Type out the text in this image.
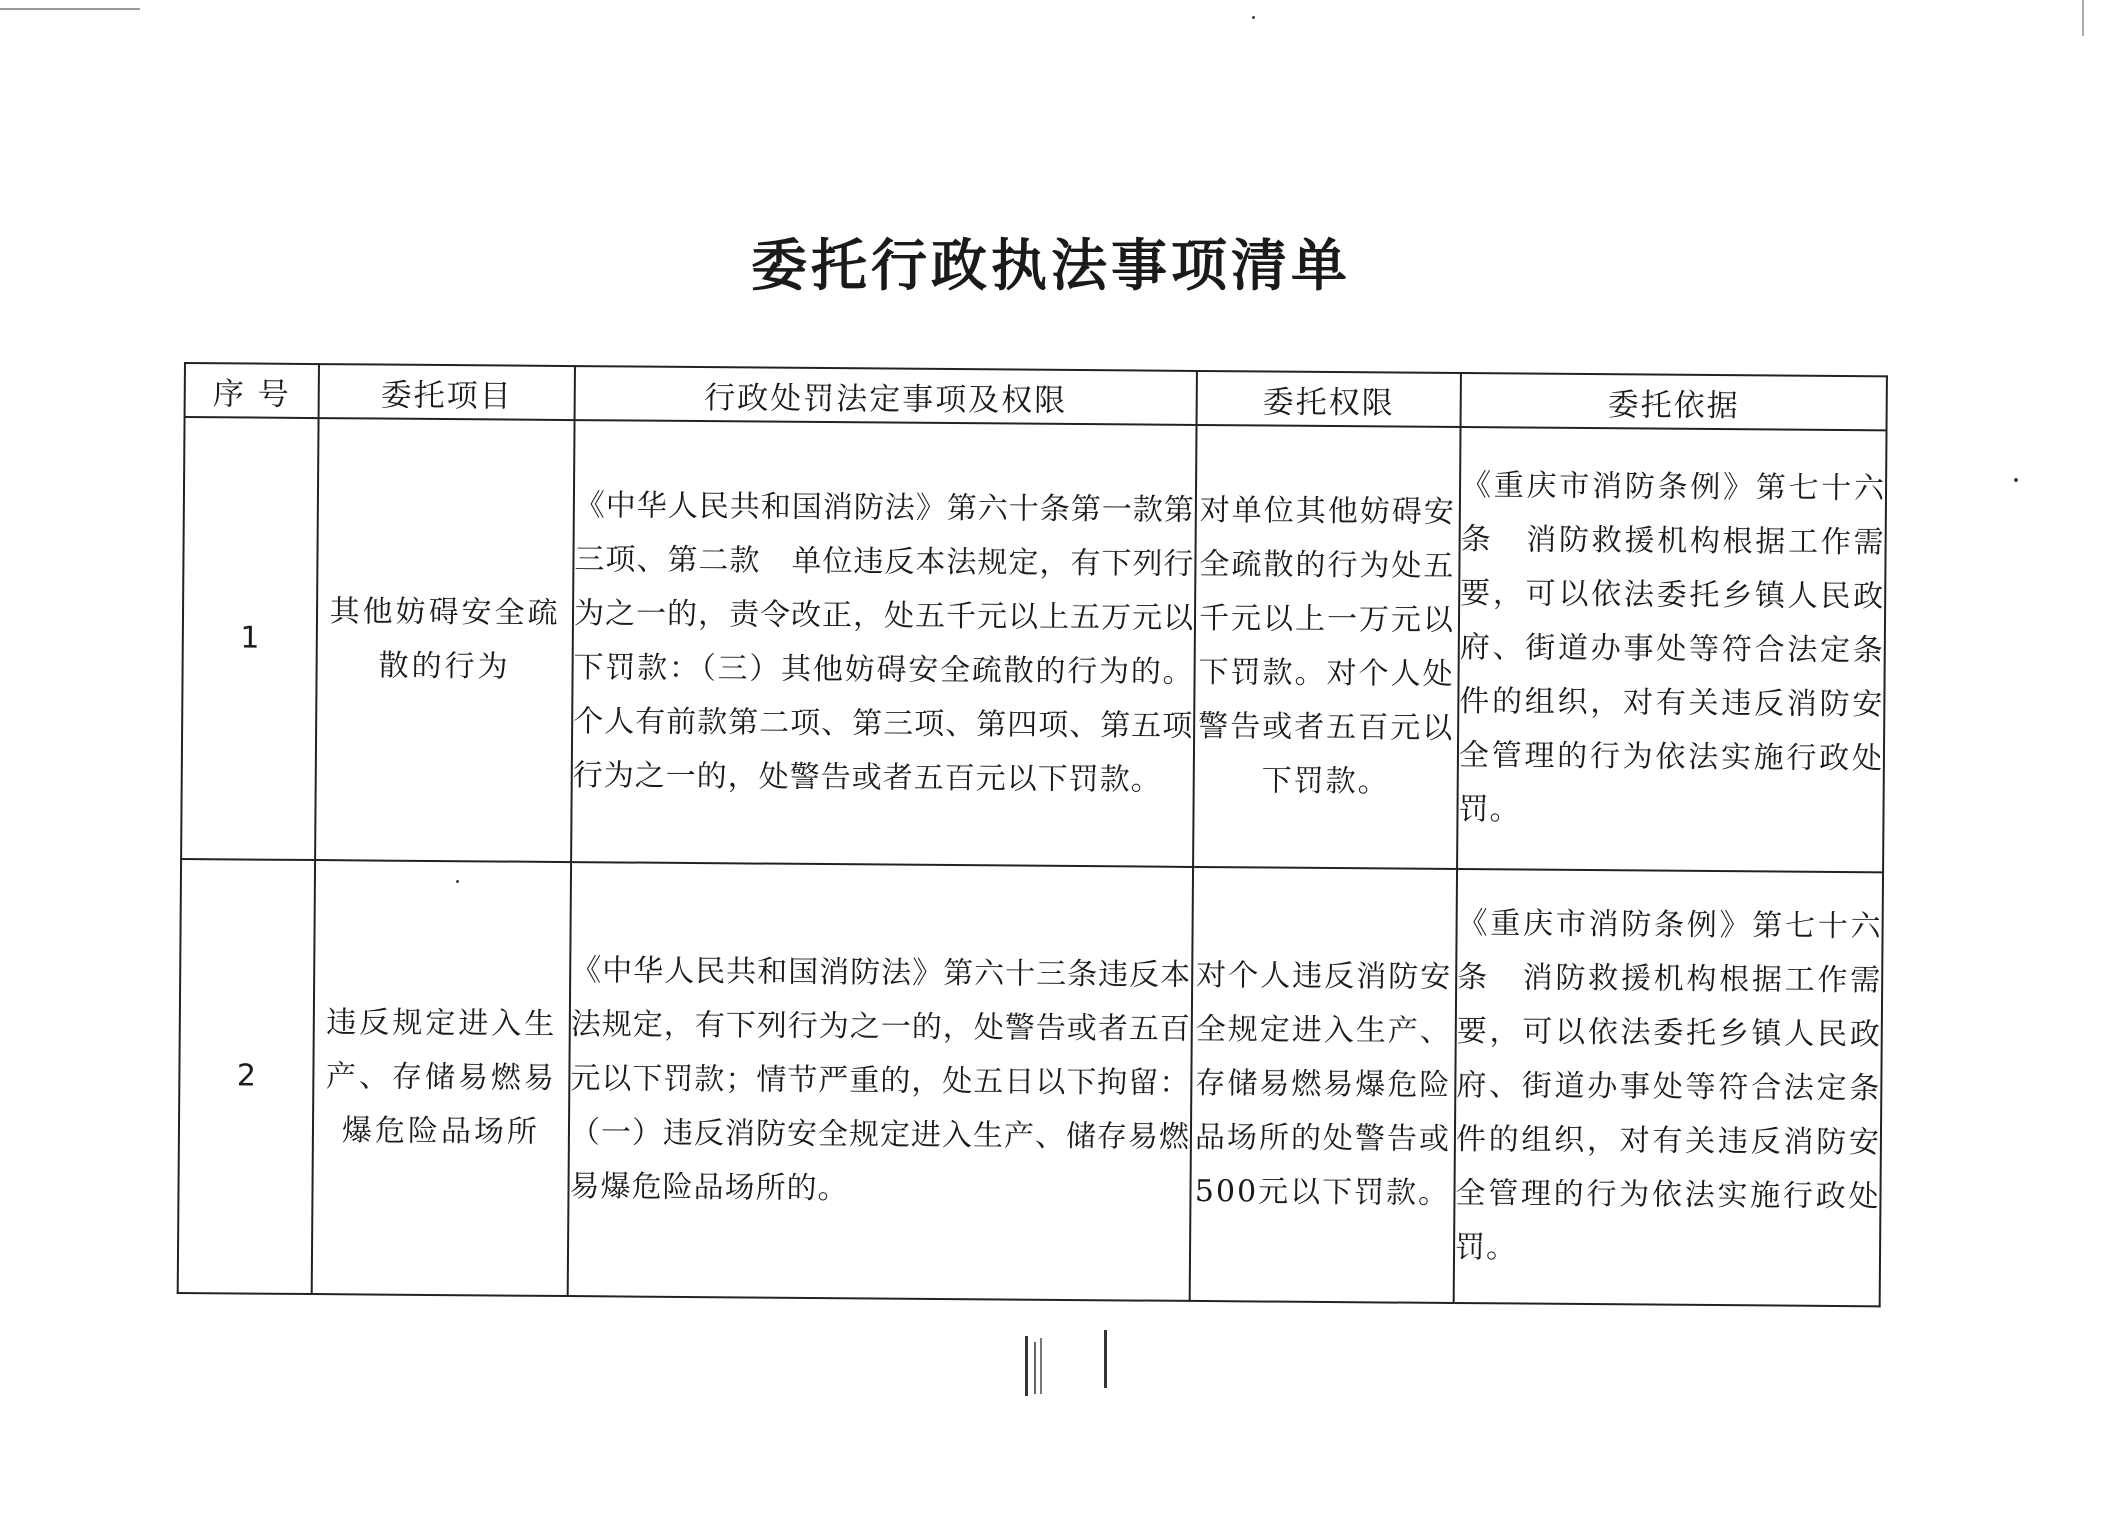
委托行政执法事项清单
序 号	委托项目	行政处罚法定事项及权限	委托权限	委托依据
1	其他妨碍安全疏散的行为	《中华人民共和国消防法》第六十条第一款第三项、第二款　单位违反本法规定，有下列行为之一的，责令改正，处五千元以上五万元以下罚款：（三）其他妨碍安全疏散的行为的。个人有前款第二项、第三项、第四项、第五项行为之一的，处警告或者五百元以下罚款。	对单位其他妨碍安全疏散的行为处五千元以上一万元以下罚款。对个人处警告或者五百元以下罚款。	《重庆市消防条例》第七十六条　消防救援机构根据工作需要，可以依法委托乡镇人民政府、街道办事处等符合法定条件的组织，对有关违反消防安全管理的行为依法实施行政处罚。
2	违反规定进入生产、存储易燃易爆危险品场所	《中华人民共和国消防法》第六十三条违反本法规定，有下列行为之一的，处警告或者五百元以下罚款；情节严重的，处五日以下拘留：（一）违反消防安全规定进入生产、储存易燃易爆危险品场所的。	对个人违反消防安全规定进入生产、存储易燃易爆危险品场所的处警告或500元以下罚款。	《重庆市消防条例》第七十六条　消防救援机构根据工作需要，可以依法委托乡镇人民政府、街道办事处等符合法定条件的组织，对有关违反消防安全管理的行为依法实施行政处罚。
